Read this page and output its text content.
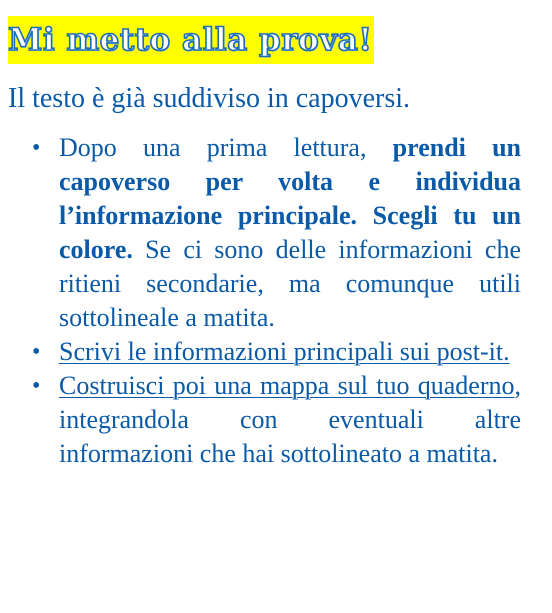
Mi metto alla prova!
Il testo è già suddiviso in capoversi.
• Dopo una prima lettura, prendi un capoverso per volta e individua l’informazione principale. Scegli tu un colore. Se ci sono delle informazioni che ritieni secondarie, ma comunque utili sottolineale a matita.
• Scrivi le informazioni principali sui post-it.
• Costruisci poi una mappa sul tuo quaderno, integrandola con eventuali altre informazioni che hai sottolineato a matita.
